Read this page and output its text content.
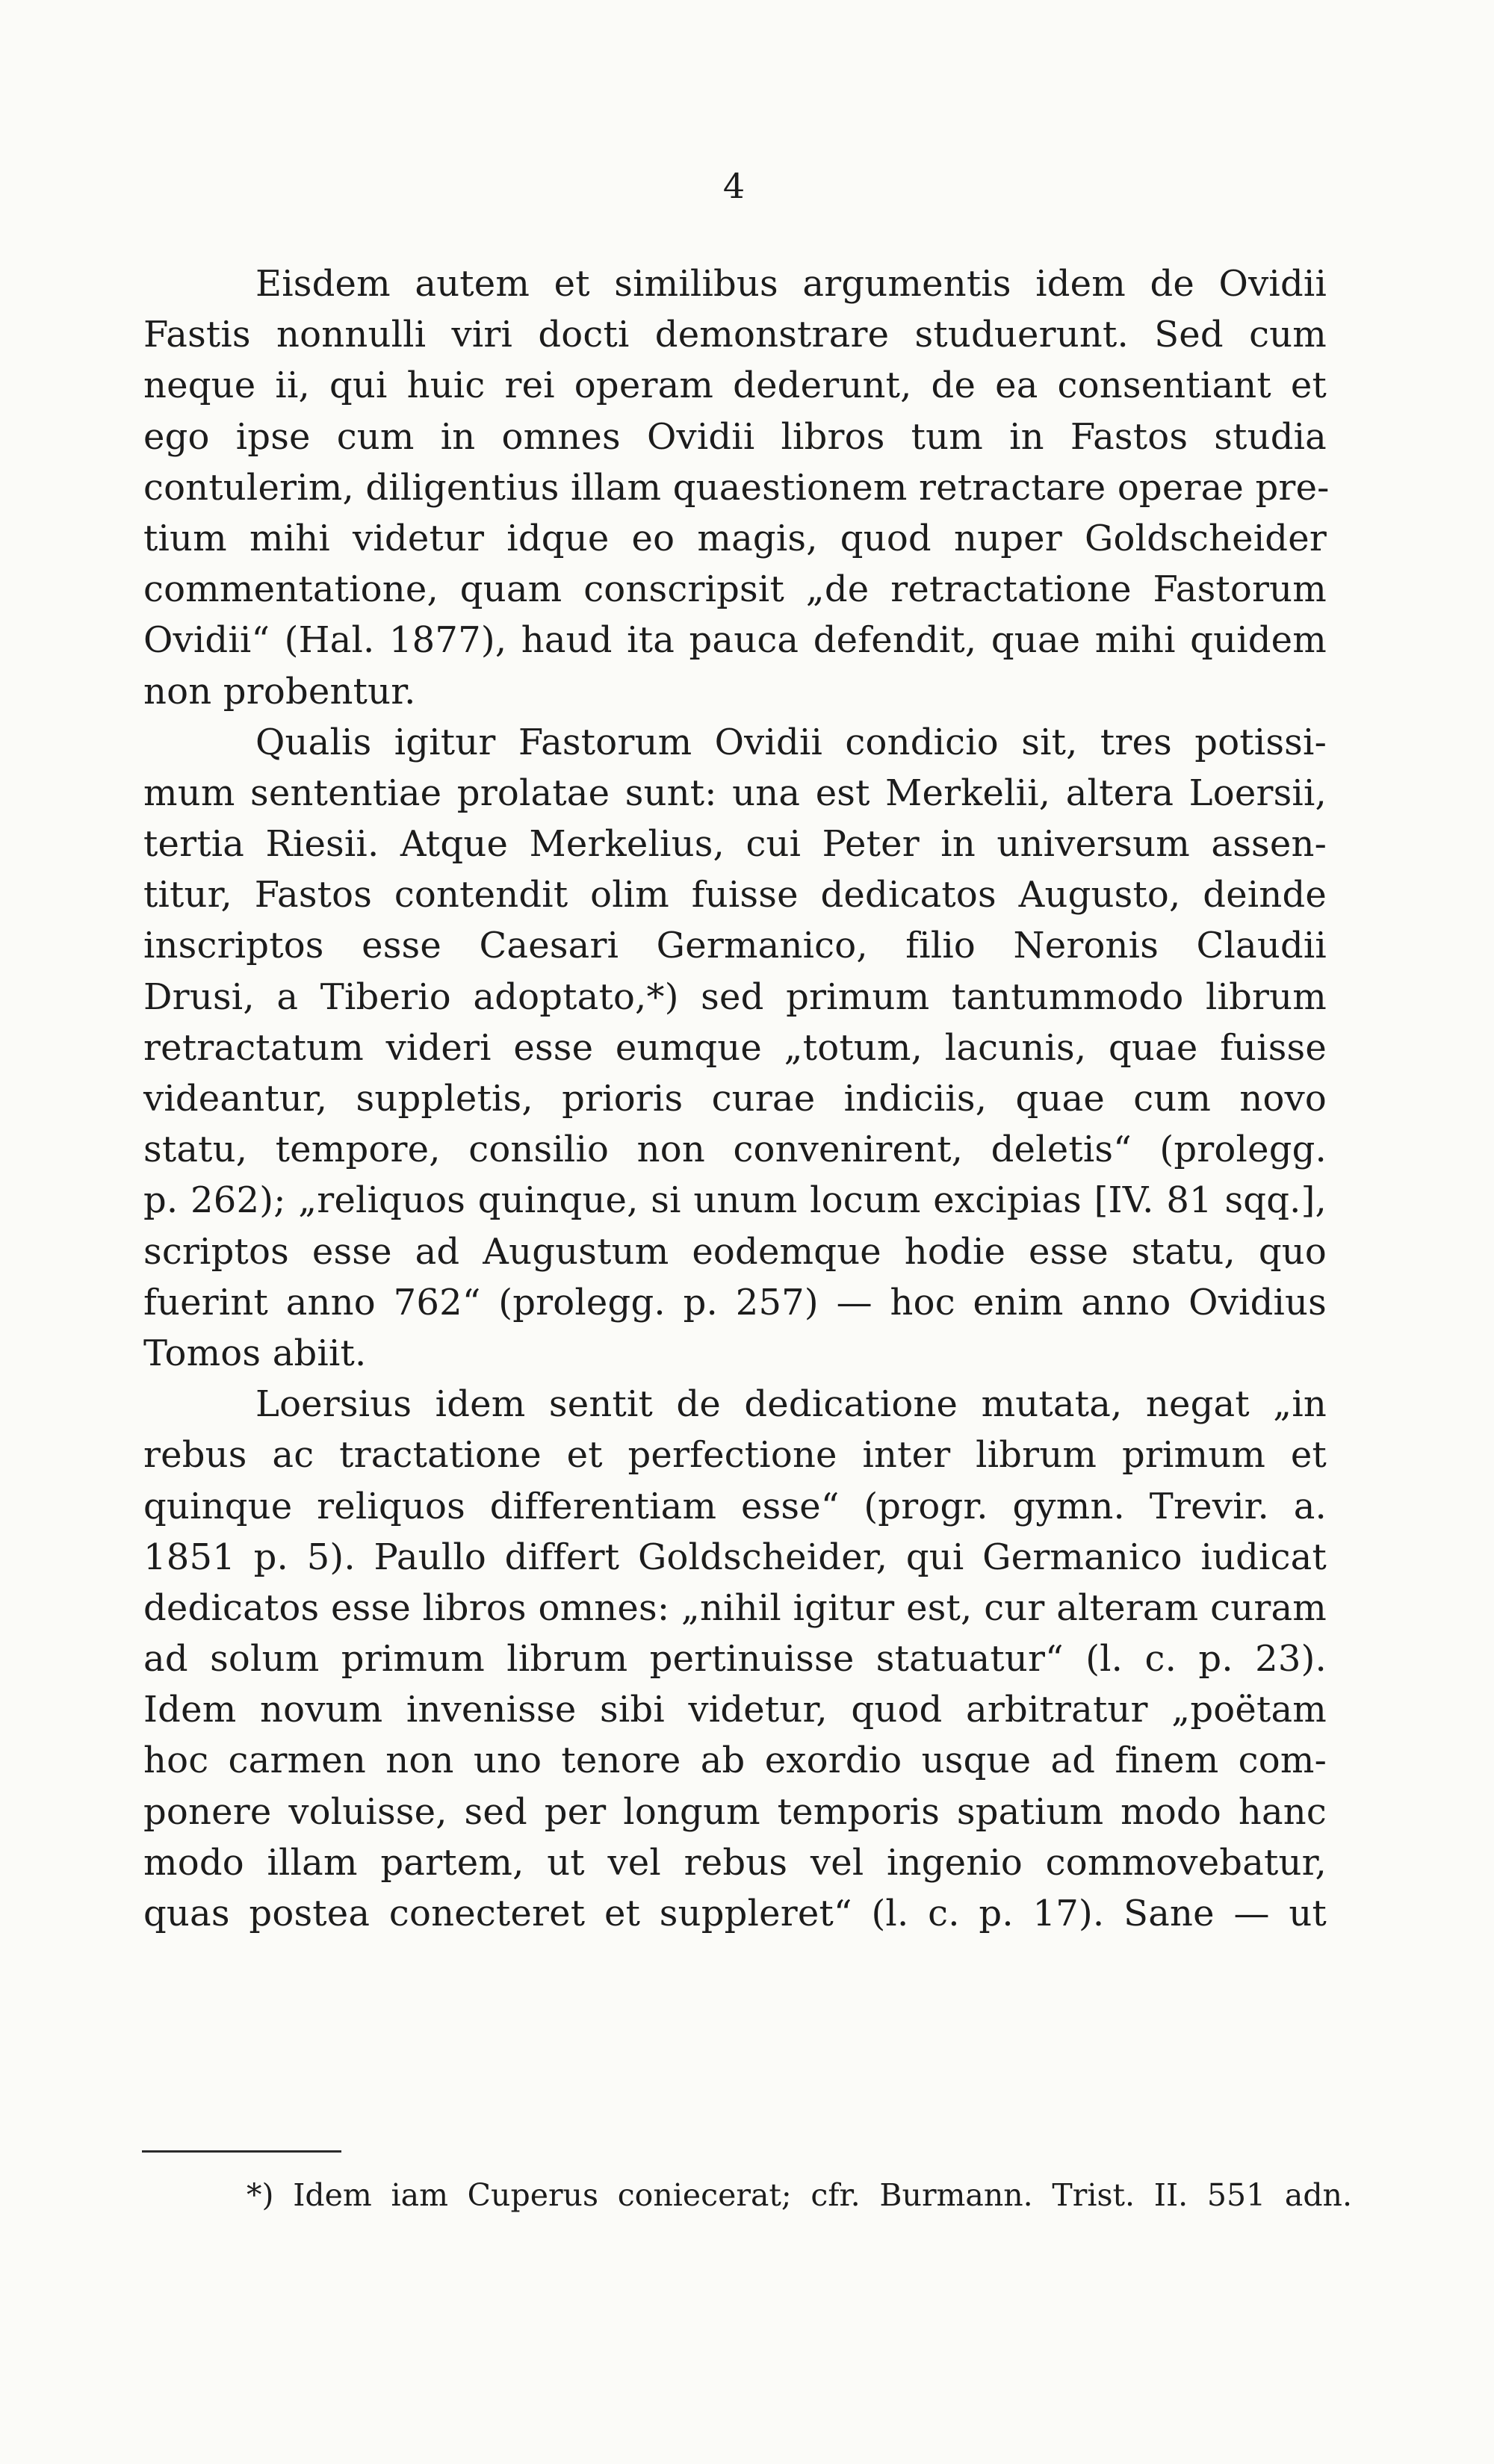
4
Eisdem autem et similibus argumentis idem de Ovidii
Fastis nonnulli viri docti demonstrare studuerunt. Sed cum
neque ii, qui huic rei operam dederunt, de ea consentiant et
ego ipse cum in omnes Ovidii libros tum in Fastos studia
contulerim, diligentius illam quaestionem retractare operae pre-
tium mihi videtur idque eo magis, quod nuper Goldscheider
commentatione, quam conscripsit „de retractatione Fastorum
Ovidii“ (Hal. 1877), haud ita pauca defendit, quae mihi quidem
non probentur.
Qualis igitur Fastorum Ovidii condicio sit, tres potissi-
mum sententiae prolatae sunt: una est Merkelii, altera Loersii,
tertia Riesii. Atque Merkelius, cui Peter in universum assen-
titur, Fastos contendit olim fuisse dedicatos Augusto, deinde
inscriptos esse Caesari Germanico, filio Neronis Claudii
Drusi, a Tiberio adoptato,*) sed primum tantummodo librum
retractatum videri esse eumque „totum, lacunis, quae fuisse
videantur, suppletis, prioris curae indiciis, quae cum novo
statu, tempore, consilio non convenirent, deletis“ (prolegg.
p. 262); „reliquos quinque, si unum locum excipias [IV. 81 sqq.],
scriptos esse ad Augustum eodemque hodie esse statu, quo
fuerint anno 762“ (prolegg. p. 257) — hoc enim anno Ovidius
Tomos abiit.
Loersius idem sentit de dedicatione mutata, negat „in
rebus ac tractatione et perfectione inter librum primum et
quinque reliquos differentiam esse“ (progr. gymn. Trevir. a.
1851 p. 5). Paullo differt Goldscheider, qui Germanico iudicat
dedicatos esse libros omnes: „nihil igitur est, cur alteram curam
ad solum primum librum pertinuisse statuatur“ (l. c. p. 23).
Idem novum invenisse sibi videtur, quod arbitratur „poëtam
hoc carmen non uno tenore ab exordio usque ad finem com-
ponere voluisse, sed per longum temporis spatium modo hanc
modo illam partem, ut vel rebus vel ingenio commovebatur,
quas postea conecteret et suppleret“ (l. c. p. 17). Sane — ut
*) Idem iam Cuperus coniecerat; cfr. Burmann. Trist. II. 551 adn.
